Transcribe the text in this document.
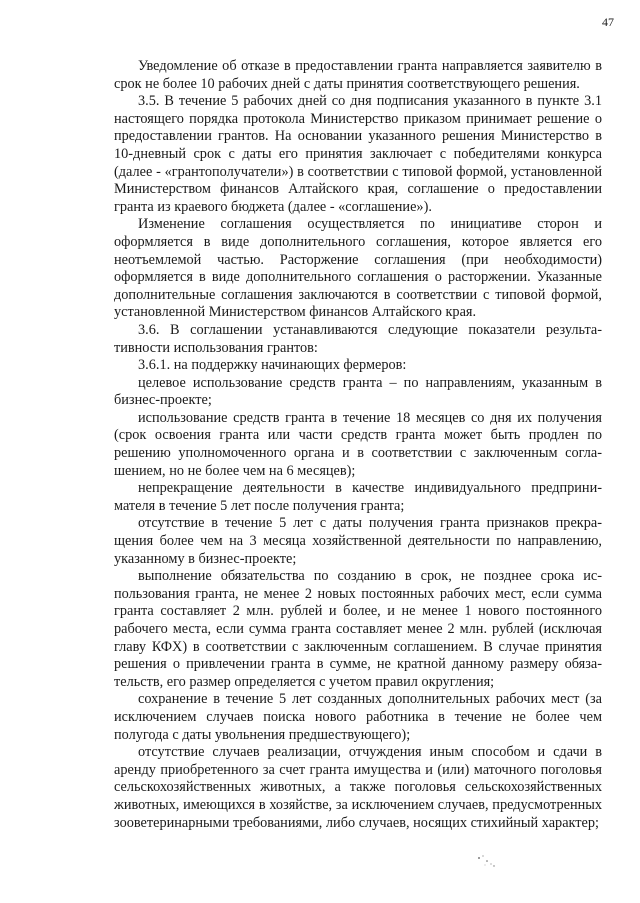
47

Уведомление об отказе в предоставлении гранта направляется заявителю в срок не более 10 рабочих дней с даты принятия соответствующего решения.

3.5. В течение 5 рабочих дней со дня подписания указанного в пункте 3.1 настоящего порядка протокола Министерство приказом принимает решение о предоставлении грантов. На основании указанного решения Министерство в 10-дневный срок с даты его принятия заключает с победителями конкурса (далее - «грантополучатели») в соответствии с типовой формой, установленной Министерством финансов Алтайского края, соглашение о предоставлении гранта из краевого бюджета (далее - «соглашение»).

Изменение соглашения осуществляется по инициативе сторон и оформляется в виде дополнительного соглашения, которое является его неотъемлемой частью. Расторжение соглашения (при необходимости) оформляется в виде дополнительного соглашения о расторжении. Указанные дополнительные соглашения заключаются в соответствии с типовой формой, установленной Министерством финансов Алтайского края.

3.6. В соглашении устанавливаются следующие показатели результативности использования грантов:

3.6.1. на поддержку начинающих фермеров:

целевое использование средств гранта – по направлениям, указанным в бизнес-проекте;

использование средств гранта в течение 18 месяцев со дня их получения (срок освоения гранта или части средств гранта может быть продлен по решению уполномоченного органа и в соответствии с заключенным соглашением, но не более чем на 6 месяцев);

непрекращение деятельности в качестве индивидуального предпринимателя в течение 5 лет после получения гранта;

отсутствие в течение 5 лет с даты получения гранта признаков прекращения более чем на 3 месяца хозяйственной деятельности по направлению, указанному в бизнес-проекте;

выполнение обязательства по созданию в срок, не позднее срока использования гранта, не менее 2 новых постоянных рабочих мест, если сумма гранта составляет 2 млн. рублей и более, и не менее 1 нового постоянного рабочего места, если сумма гранта составляет менее 2 млн. рублей (исключая главу КФХ) в соответствии с заключенным соглашением. В случае принятия решения о привлечении гранта в сумме, не кратной данному размеру обязательств, его размер определяется с учетом правил округления;

сохранение в течение 5 лет созданных дополнительных рабочих мест (за исключением случаев поиска нового работника в течение не более чем полугода с даты увольнения предшествующего);

отсутствие случаев реализации, отчуждения иным способом и сдачи в аренду приобретенного за счет гранта имущества и (или) маточного поголовья сельскохозяйственных животных, а также поголовья сельскохозяйственных животных, имеющихся в хозяйстве, за исключением случаев, предусмотренных зооветеринарными требованиями, либо случаев, носящих стихийный характер;
